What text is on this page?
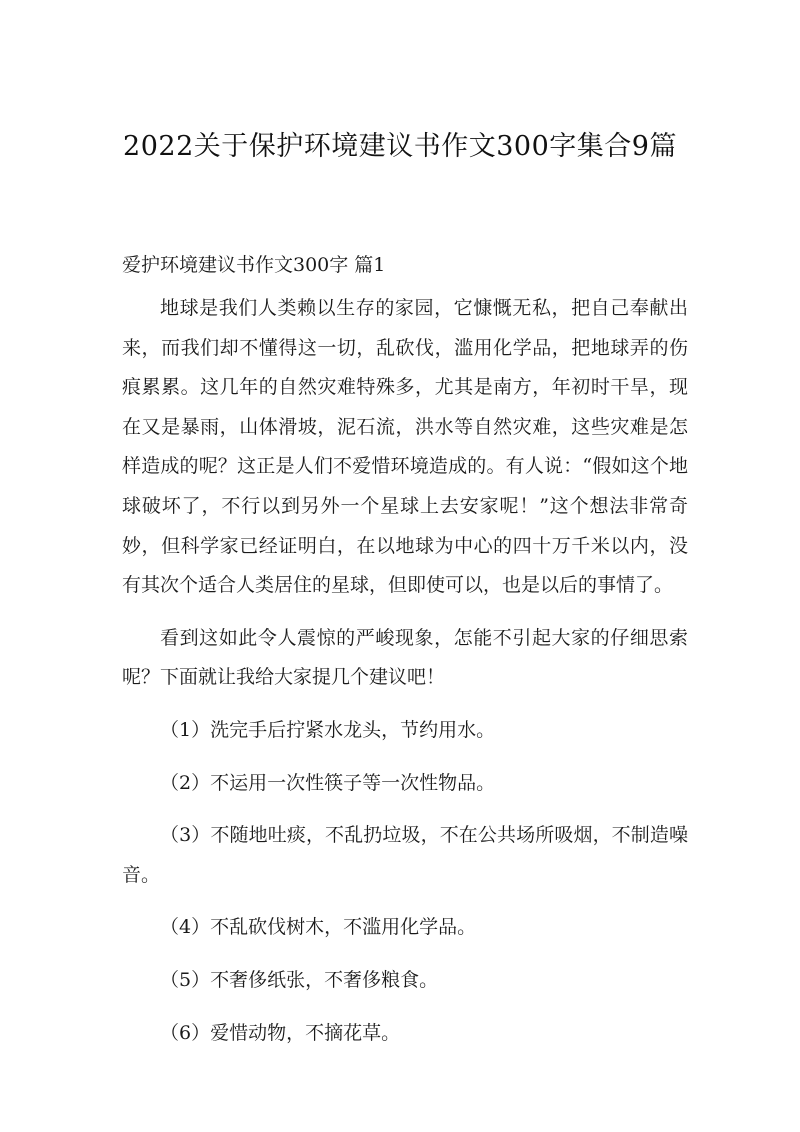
2022关于保护环境建议书作文300字集合9篇
爱护环境建议书作文300字 篇1

地球是我们人类赖以生存的家园，它慷慨无私，把自己奉献出来，而我们却不懂得这一切，乱砍伐，滥用化学品，把地球弄的伤痕累累。这几年的自然灾难特殊多，尤其是南方，年初时干旱，现在又是暴雨，山体滑坡，泥石流，洪水等自然灾难，这些灾难是怎样造成的呢？这正是人们不爱惜环境造成的。有人说：“假如这个地球破坏了，不行以到另外一个星球上去安家呢！”这个想法非常奇妙，但科学家已经证明白，在以地球为中心的四十万千米以内，没有其次个适合人类居住的星球，但即使可以，也是以后的事情了。

看到这如此令人震惊的严峻现象，怎能不引起大家的仔细思索呢？下面就让我给大家提几个建议吧！

（1）洗完手后拧紧水龙头，节约用水。

（2）不运用一次性筷子等一次性物品。

（3）不随地吐痰，不乱扔垃圾，不在公共场所吸烟，不制造噪音。

（4）不乱砍伐树木，不滥用化学品。

（5）不奢侈纸张，不奢侈粮食。

（6）爱惜动物，不摘花草。
